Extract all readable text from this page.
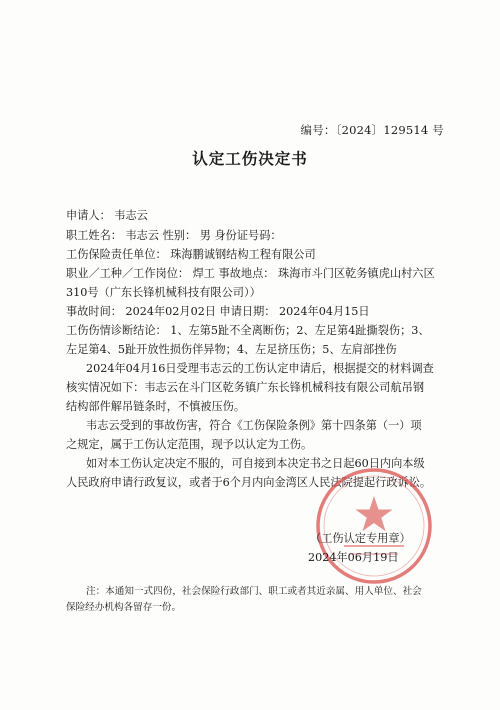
编号：〔2024〕129514 号
认定工伤决定书
申请人： 韦志云
职工姓名： 韦志云 性别： 男 身份证号码：
工伤保险责任单位： 珠海鹏诚钢结构工程有限公司
职业／工种／工作岗位： 焊工 事故地点： 珠海市斗门区乾务镇虎山村六区
310号（广东长锋机械科技有限公司））
事故时间： 2024年02月02日 申请日期： 2024年04月15日
工伤伤情诊断结论： 1、左第5趾不全离断伤；2、左足第4趾撕裂伤；3、
左足第4、5趾开放性损伤伴异物；4、左足挤压伤；5、左肩部挫伤
2024年04月16日受理韦志云的工伤认定申请后，根据提交的材料调查
核实情况如下：韦志云在斗门区乾务镇广东长锋机械科技有限公司航吊钢
结构部件解吊链条时，不慎被压伤。
韦志云受到的事故伤害，符合《工伤保险条例》第十四条第（一）项
之规定，属于工伤认定范围，现予以认定为工伤。
如对本工伤认定决定不服的，可自接到本决定书之日起60日内向本级
人民政府申请行政复议，或者于6个月内向金湾区人民法院提起行政诉讼。
（工伤认定专用章）
2024年06月19日
注：本通知一式四份，社会保险行政部门、职工或者其近亲属、用人单位、社会
保险经办机构各留存一份。
